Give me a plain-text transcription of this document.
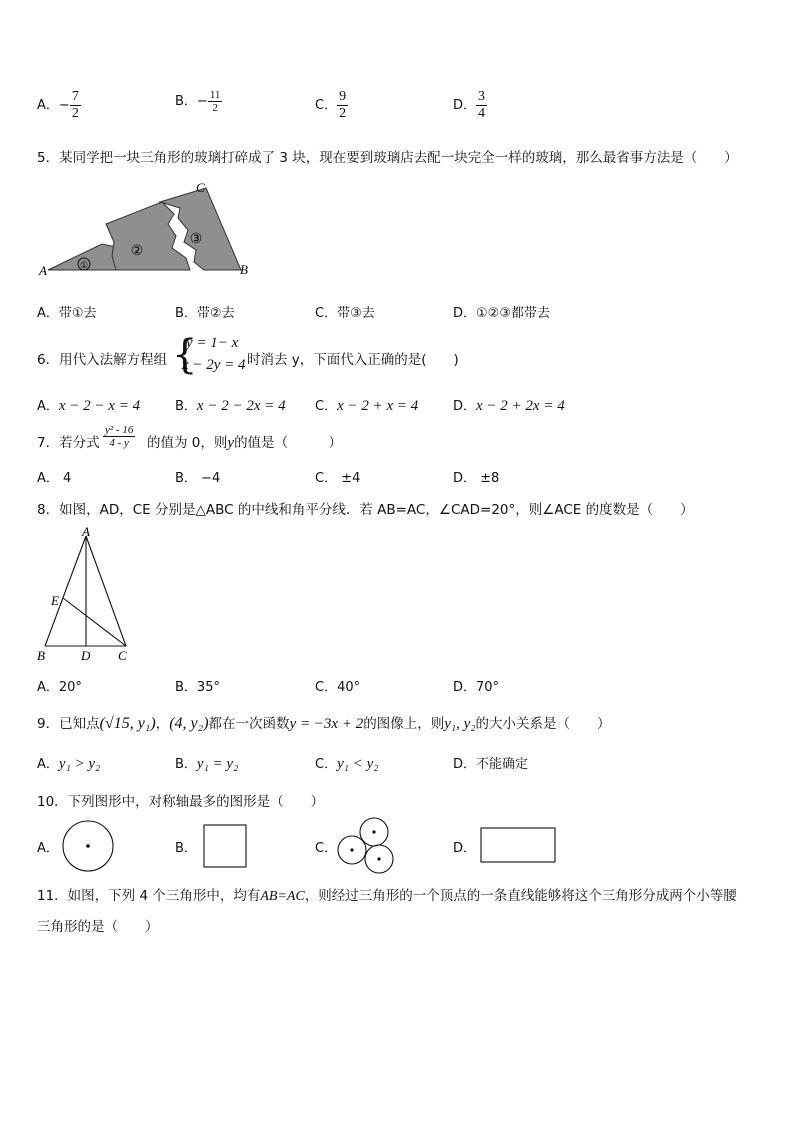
A．− $\frac{7}{2}$	B．− $\frac{11}{2}$	C． $\frac{9}{2}$	D． $\frac{3}{4}$
5．某同学把一块三角形的玻璃打碎成了 3 块，现在要到玻璃店去配一块完全一样的玻璃，那么最省事方法是（　　）
①
②
③
A	B
C
A．带①去	B．带②去	C．带③去	D．①②③都带去
6．用代入法解方程组 {
y = 1− x
x − 2y = 4 时消去 y，下面代入正确的是(　　)
A．x − 2 − x = 4	B．x − 2 − 2x = 4 C．x − 2 + x = 4	D．x − 2 + 2x = 4
7．若分式 $\frac{\text{y² - 16}}{4 - y}$ 的值为 0，则y的值是（　　　）
A． 4	B． −4	C． ±4	D． ±8
8．如图，AD，CE 分别是△ABC 的中线和角平分线．若 AB=AC，∠CAD=20°，则∠ACE 的度数是（　　）
A
B	C
D
E
A．20°	B．35°	C．40°	D．70°
9．已知点(√15, y₁)，(4, y₂)都在一次函数y = −3x + 2的图像上，则y₁, y₂的大小关系是（　　）
A．y₁ > y₂	B．y₁ = y₂	C．y₁ < y₂	D．不能确定
10．下列图形中，对称轴最多的图形是（　　）
A．	B．	C．	D．
11．如图，下列 4 个三角形中，均有AB=AC，则经过三角形的一个顶点的一条直线能够将这个三角形分成两个小等腰
三角形的是（　　）
